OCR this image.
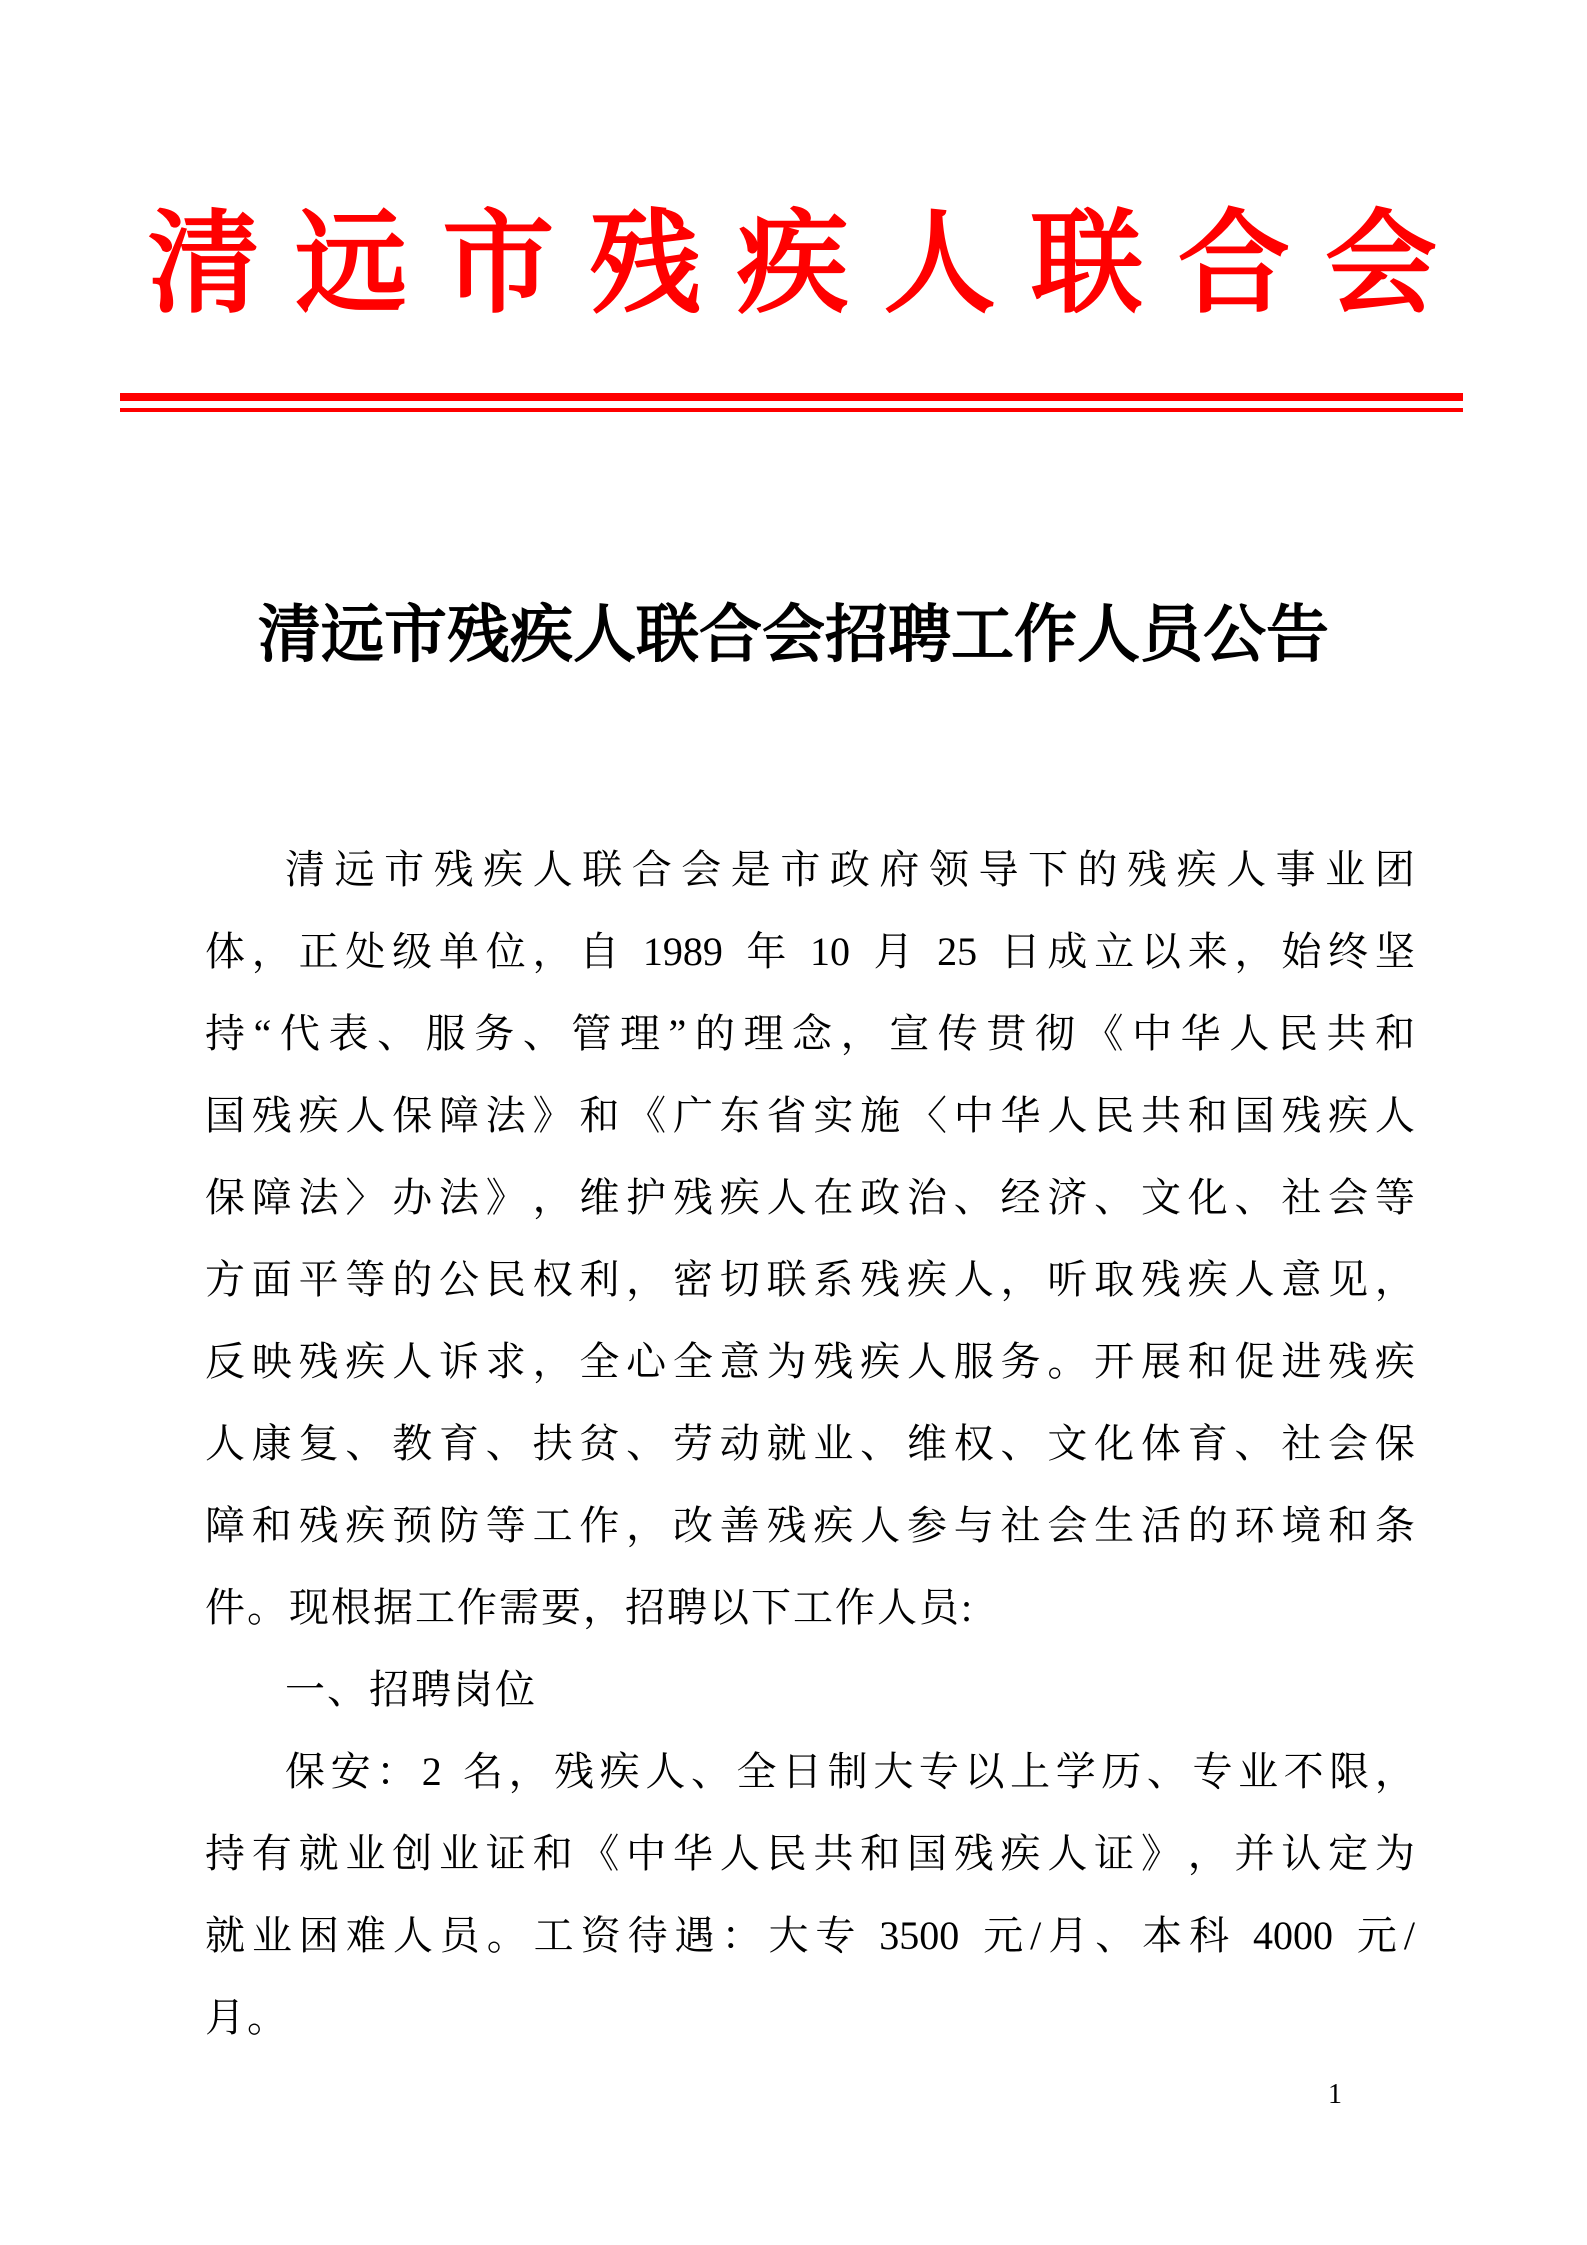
清 远 市 残 疾 人 联 合 会
清远市残疾人联合会招聘工作人员公告
清 远 市 残 疾 人 联 合 会 是 市 政 府 领 导 下 的 残 疾 人 事 业 团
体 ， 正 处 级 单 位 ， 自
1989
年
10
月
25
日 成 立 以 来 ， 始 终 坚
持 “ 代 表 、 服 务 、 管 理 ” 的 理 念 ， 宣 传 贯 彻 《 中 华 人 民 共 和
国 残 疾 人 保 障 法 》 和 《 广 东 省 实 施 〈 中 华 人 民 共 和 国 残 疾 人
保 障 法 〉 办 法 》 ， 维 护 残 疾 人 在 政 治 、 经 济 、 文 化 、 社 会 等
方 面 平 等 的 公 民 权 利 ， 密 切 联 系 残 疾 人 ， 听 取 残 疾 人 意 见 ，
反 映 残 疾 人 诉 求 ， 全 心 全 意 为 残 疾 人 服 务 。 开 展 和 促 进 残 疾
人 康 复 、 教 育 、 扶 贫 、 劳 动 就 业 、 维 权 、 文 化 体 育 、 社 会 保
障 和 残 疾 预 防 等 工 作 ， 改 善 残 疾 人 参 与 社 会 生 活 的 环 境 和 条
件。现根据工作需要，招聘以下工作人员:
一、招聘岗位
保 安 ： 2
名 ， 残 疾 人 、 全 日 制 大 专 以 上 学 历 、 专 业 不 限 ，
持 有 就 业 创 业 证 和 《 中 华 人 民 共 和 国 残 疾 人 证 》 ， 并 认 定 为
就 业 困 难 人 员 。 工 资 待 遇 ： 大 专
3500
元 / 月 、 本 科
4000
元 /
月。
1
